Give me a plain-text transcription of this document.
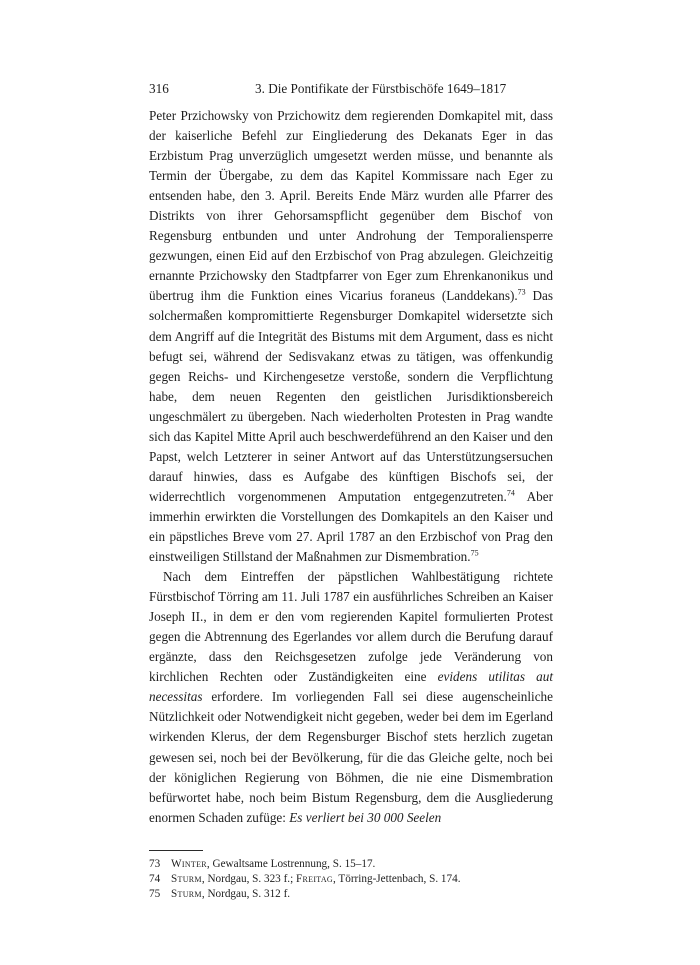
316	3. Die Pontifikate der Fürstbischöfe 1649–1817

Peter Przichowsky von Przichowitz dem regierenden Domkapitel mit, dass der kaiserliche Befehl zur Eingliederung des Dekanats Eger in das Erzbistum Prag unverzüglich umgesetzt werden müsse, und benannte als Termin der Übergabe, zu dem das Kapitel Kommissare nach Eger zu entsenden habe, den 3. April. Bereits Ende März wurden alle Pfarrer des Distrikts von ihrer Gehorsamspflicht gegenüber dem Bischof von Regensburg entbunden und unter Androhung der Temporaliensperre gezwungen, einen Eid auf den Erzbischof von Prag abzulegen. Gleichzeitig ernannte Przichowsky den Stadtpfarrer von Eger zum Ehrenkanonikus und übertrug ihm die Funktion eines Vicarius foraneus (Landdekans).$^{73}$ Das solchermaßen kompromittierte Regensburger Domkapitel widersetzte sich dem Angriff auf die Integrität des Bistums mit dem Argument, dass es nicht befugt sei, während der Sedisvakanz etwas zu tätigen, was offenkundig gegen Reichs- und Kirchengesetze verstoße, sondern die Verpflichtung habe, dem neuen Regenten den geistlichen Jurisdiktionsbereich ungeschmälert zu übergeben. Nach wiederholten Protesten in Prag wandte sich das Kapitel Mitte April auch beschwerdeführend an den Kaiser und den Papst, welch Letzterer in seiner Antwort auf das Unterstützungsersuchen darauf hinwies, dass es Aufgabe des künftigen Bischofs sei, der widerrechtlich vorgenommenen Amputation entgegenzutreten.$^{74}$ Aber immerhin erwirkten die Vorstellungen des Domkapitels an den Kaiser und ein päpstliches Breve vom 27. April 1787 an den Erzbischof von Prag den einstweiligen Stillstand der Maßnahmen zur Dismembration.$^{75}$

Nach dem Eintreffen der päpstlichen Wahlbestätigung richtete Fürstbischof Törring am 11. Juli 1787 ein ausführliches Schreiben an Kaiser Joseph II., in dem er den vom regierenden Kapitel formulierten Protest gegen die Abtrennung des Egerlandes vor allem durch die Berufung darauf ergänzte, dass den Reichsgesetzen zufolge jede Veränderung von kirchlichen Rechten oder Zuständigkeiten eine evidens utilitas aut necessitas erfordere. Im vorliegenden Fall sei diese augenscheinliche Nützlichkeit oder Notwendigkeit nicht gegeben, weder bei dem im Egerland wirkenden Klerus, der dem Regensburger Bischof stets herzlich zugetan gewesen sei, noch bei der Bevölkerung, für die das Gleiche gelte, noch bei der königlichen Regierung von Böhmen, die nie eine Dismembration befürwortet habe, noch beim Bistum Regensburg, dem die Ausgliederung enormen Schaden zufüge: Es verliert bei 30 000 Seelen

73 Winter, Gewaltsame Lostrennung, S. 15–17.
74 Sturm, Nordgau, S. 323 f.; Freitag, Törring-Jettenbach, S. 174.
75 Sturm, Nordgau, S. 312 f.
